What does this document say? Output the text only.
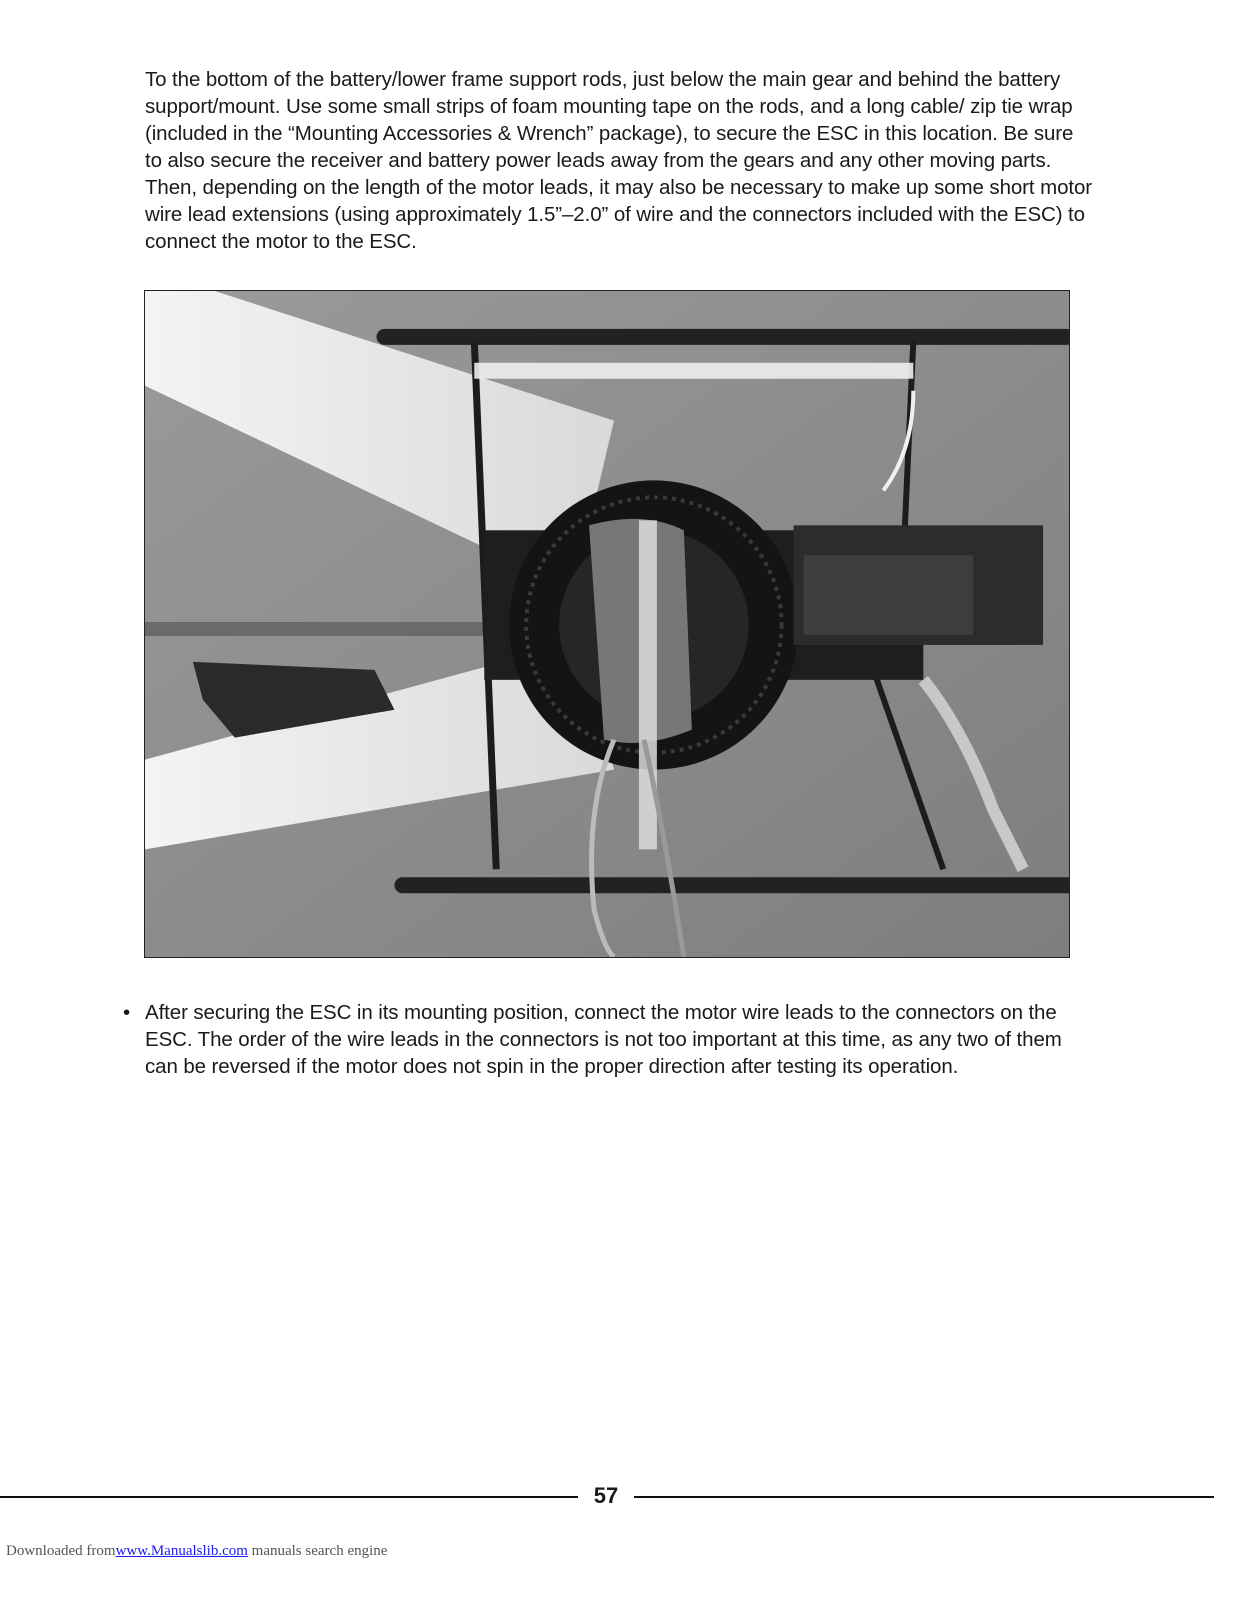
To the bottom of the battery/lower frame support rods, just below the main gear and behind the battery support/mount. Use some small strips of foam mounting tape on the rods, and a long cable/ zip tie wrap (included in the “Mounting Accessories & Wrench” package), to secure the ESC in this location. Be sure to also secure the receiver and battery power leads away from the gears and any other moving parts. Then, depending on the length of the motor leads, it may also be necessary to make up some short motor wire lead extensions (using approximately 1.5”–2.0” of wire and the connectors included with the ESC) to connect the motor to the ESC.

• After securing the ESC in its mounting position, connect the motor wire leads to the connectors on the ESC. The order of the wire leads in the connectors is not too important at this time, as any two of them can be reversed if the motor does not spin in the proper direction after testing its operation.

57
Downloaded fromwww.Manualslib.com manuals search engine
